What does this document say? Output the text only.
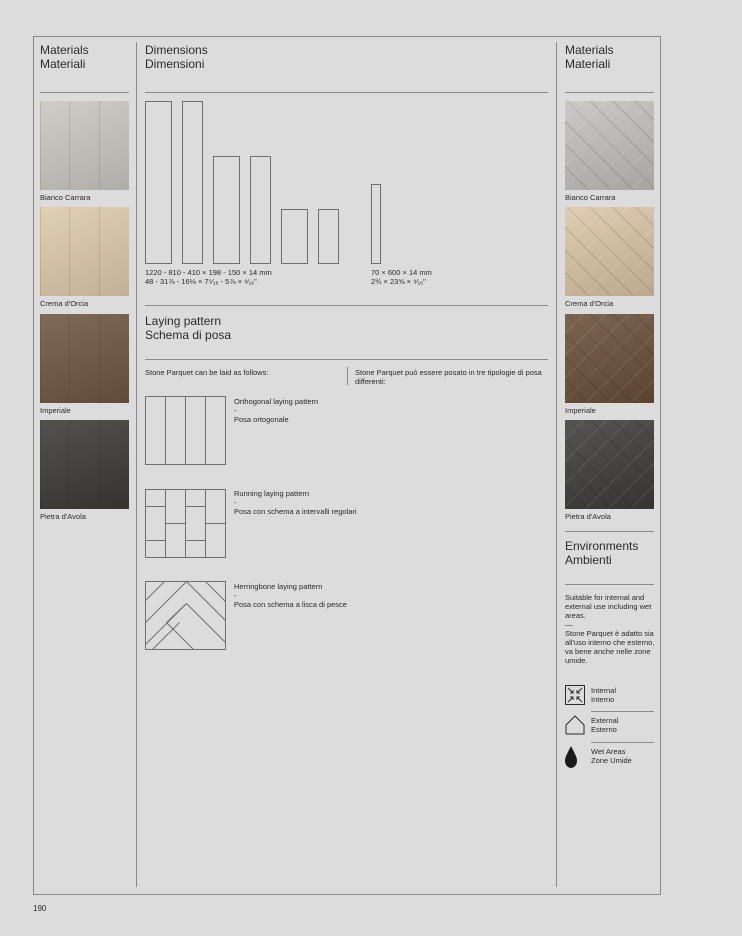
Materials
Materiali
Bianco Carrara
Crema d'Orcia
Imperiale
Pietra d'Avola
Dimensions
Dimensioni
1220 - 810 - 410 × 198 - 150 × 14 mm
48 - 31⅞ - 16⅛ × 7⁵⁄₁₆ - 5⅞ × ⁹⁄₁₆"
70 × 600 × 14 mm
2¾ × 23⅝ × ⁹⁄₁₆"
Laying pattern
Schema di posa
Stone Parquet can be laid as follows:	Stone Parquet può essere posato in tre tipologie di posa differenti:
Orthogonal laying pattern
-
Posa ortogonale
Running laying pattern
-
Posa con schema a intervalli regolari
Herringbone laying pattern
-
Posa con schema a lisca di pesce
Materials
Materiali
Bianco Carrara
Crema d'Orcia
Imperiale
Pietra d'Avola
Environments
Ambienti
Suitable for internal and external use including wet areas.
—
Stone Parquet è adatto sia all'uso interno che esterno, va bene anche nelle zone umide.
Internal
Interno
External
Esterno
Wet Areas
Zone Umide
190
